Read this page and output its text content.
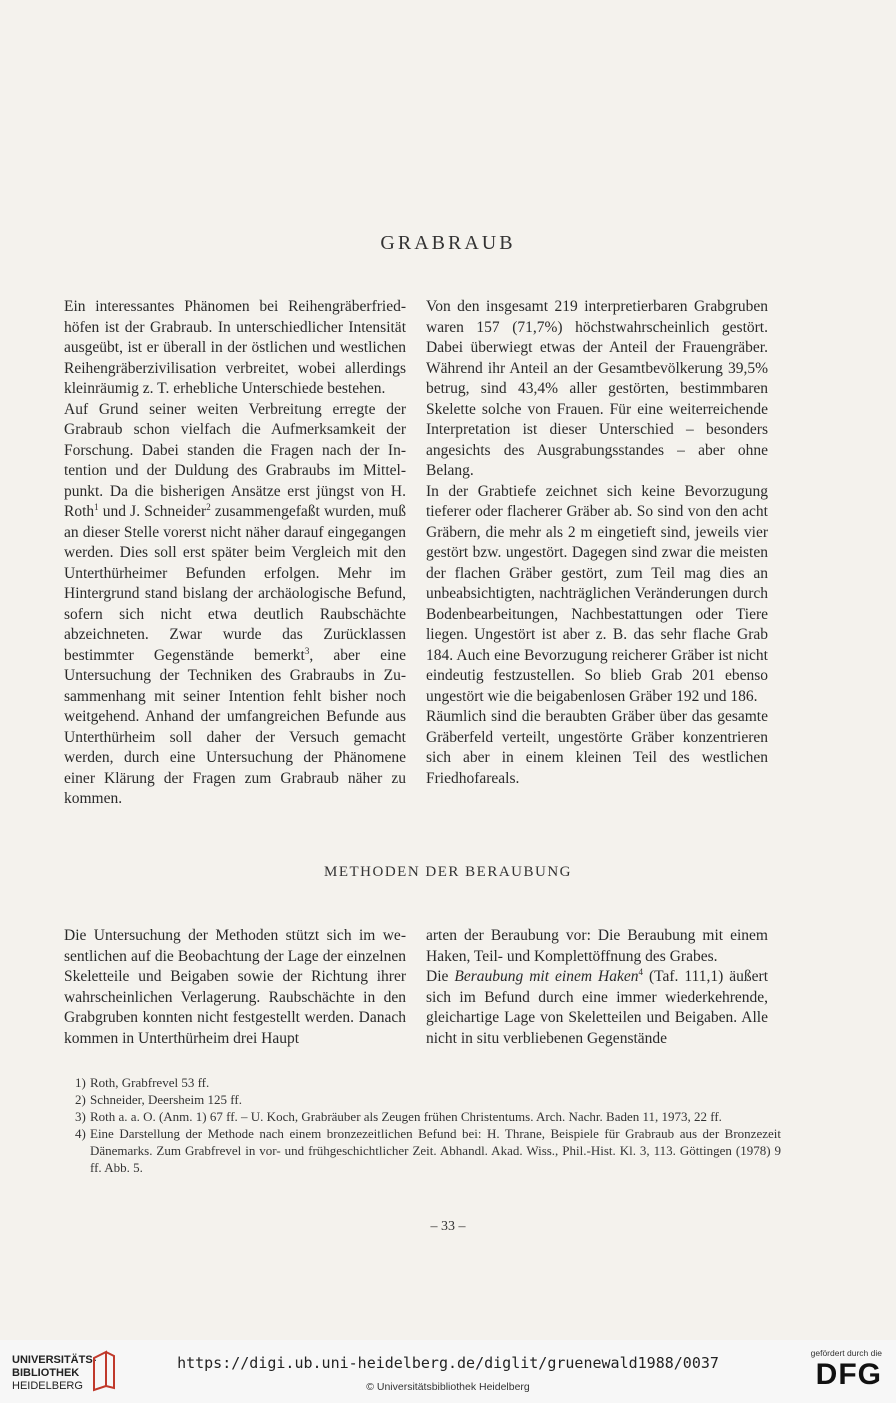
GRABRAUB

Ein interessantes Phänomen bei Reihengräberfriedhöfen ist der Grabraub. In unterschiedlicher Intensität ausgeübt, ist er überall in der östlichen und westlichen Reihengräberzivilisation verbreitet, wobei allerdings kleinräumig z. T. erhebliche Unterschiede bestehen.

Auf Grund seiner weiten Verbreitung erregte der Grabraub schon vielfach die Aufmerksamkeit der Forschung. Dabei standen die Fragen nach der Intention und der Duldung des Grabraubs im Mittelpunkt. Da die bisherigen Ansätze erst jüngst von H. Roth$^1$ und J. Schneider$^2$ zusammengefaßt wurden, muß an dieser Stelle vorerst nicht näher darauf eingegangen werden. Dies soll erst später beim Vergleich mit den Unterthürheimer Befunden erfolgen. Mehr im Hintergrund stand bislang der archäologische Befund, sofern sich nicht etwa deutlich Raubschächte abzeichneten. Zwar wurde das Zurücklassen bestimmter Gegenstände bemerkt$^3$, aber eine Untersuchung der Techniken des Grabraubs in Zusammenhang mit seiner Intention fehlt bisher noch weitgehend. Anhand der umfangreichen Befunde aus Unterthürheim soll daher der Versuch gemacht werden, durch eine Untersuchung der Phänomene einer Klärung der Fragen zum Grabraub näher zu kommen.

Von den insgesamt 219 interpretierbaren Grabgruben waren 157 (71,7%) höchstwahrscheinlich gestört. Dabei überwiegt etwas der Anteil der Frauengräber. Während ihr Anteil an der Gesamtbevölkerung 39,5% betrug, sind 43,4% aller gestörten, bestimmbaren Skelette solche von Frauen. Für eine weiterreichende Interpretation ist dieser Unterschied – besonders angesichts des Ausgrabungsstandes – aber ohne Belang.

In der Grabtiefe zeichnet sich keine Bevorzugung tieferer oder flacherer Gräber ab. So sind von den acht Gräbern, die mehr als 2 m eingetieft sind, jeweils vier gestört bzw. ungestört. Dagegen sind zwar die meisten der flachen Gräber gestört, zum Teil mag dies an unbeabsichtigten, nachträglichen Veränderungen durch Bodenbearbeitungen, Nachbestattungen oder Tiere liegen. Ungestört ist aber z. B. das sehr flache Grab 184. Auch eine Bevorzugung reicherer Gräber ist nicht eindeutig festzustellen. So blieb Grab 201 ebenso ungestört wie die beigabenlosen Gräber 192 und 186.

Räumlich sind die beraubten Gräber über das gesamte Gräberfeld verteilt, ungestörte Gräber konzentrieren sich aber in einem kleinen Teil des westlichen Friedhofareals.

METHODEN DER BERAUBUNG

Die Untersuchung der Methoden stützt sich im wesentlichen auf die Beobachtung der Lage der einzelnen Skeletteile und Beigaben sowie der Richtung ihrer wahrscheinlichen Verlagerung. Raubschächte in den Grabgruben konnten nicht festgestellt werden. Danach kommen in Unterthürheim drei Haupt

arten der Beraubung vor: Die Beraubung mit einem Haken, Teil- und Komplettöffnung des Grabes.

Die Beraubung mit einem Haken$^4$ (Taf. 111,1) äußert sich im Befund durch eine immer wiederkehrende, gleichartige Lage von Skeletteilen und Beigaben. Alle nicht in situ verbliebenen Gegenstände

1) Roth, Grabfrevel 53 ff.
2) Schneider, Deersheim 125 ff.
3) Roth a. a. O. (Anm. 1) 67 ff. – U. Koch, Grabräuber als Zeugen frühen Christentums. Arch. Nachr. Baden 11, 1973, 22 ff.
4) Eine Darstellung der Methode nach einem bronzezeitlichen Befund bei: H. Thrane, Beispiele für Grabraub aus der Bronzezeit Dänemarks. Zum Grabfrevel in vor- und frühgeschichtlicher Zeit. Abhandl. Akad. Wiss., Phil.-Hist. Kl. 3, 113. Göttingen (1978) 9 ff. Abb. 5.
– 33 –
UNIVERSITÄTS-
BIBLIOTHEK
HEIDELBERG
https://digi.ub.uni-heidelberg.de/diglit/gruenewald1988/0037
© Universitätsbibliothek Heidelberg
gefördert durch die
DFG
